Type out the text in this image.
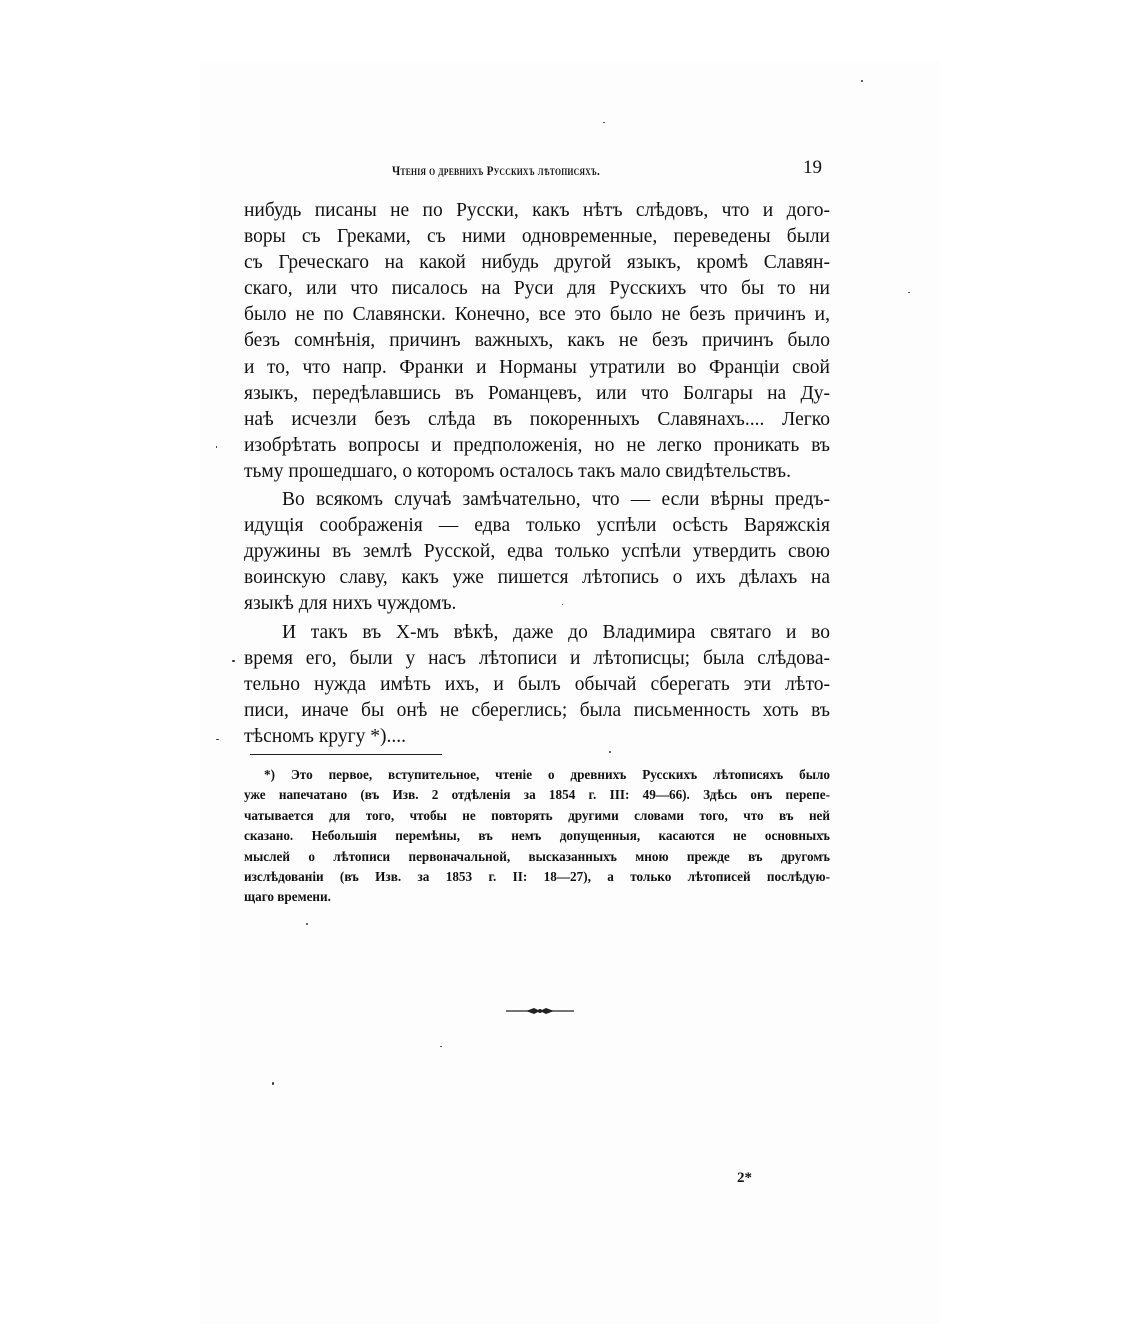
Чтенія о древнихъ Русскихъ лѣтописяхъ.	19

нибудь писаны не по Русски, какъ нѣтъ слѣдовъ, что и дого-
воры съ Греками, съ ними одновременные, переведены были
съ Греческаго на какой нибудь другой языкъ, кромѣ Славян-
скаго, или что писалось на Руси для Русскихъ что бы то ни
было не по Славянски. Конечно, все это было не безъ причинъ и,
безъ сомнѣнія, причинъ важныхъ, какъ не безъ причинъ было
и то, что напр. Франки и Норманы утратили во Франціи свой
языкъ, передѣлавшись въ Романцевъ, или что Болгары на Ду-
наѣ исчезли безъ слѣда въ покоренныхъ Славянахъ.... Легко
изобрѣтать вопросы и предположенія, но не легко проникать въ
тьму прошедшаго, о которомъ осталось такъ мало свидѣтельствъ.

Во всякомъ случаѣ замѣчательно, что — если вѣрны предъ-
идущія соображенія — едва только успѣли осѣсть Варяжскія
дружины въ землѣ Русской, едва только успѣли утвердить свою
воинскую славу, какъ уже пишется лѣтопись о ихъ дѣлахъ на
языкѣ для нихъ чуждомъ.

И такъ въ X-мъ вѣкѣ, даже до Владимира святаго и во
время его, были у насъ лѣтописи и лѣтописцы; была слѣдова-
тельно нужда имѣть ихъ, и былъ обычай сберегать эти лѣто-
писи, иначе бы онѣ не сбереглись; была письменность хоть въ
тѣсномъ кругу *)....

*) Это первое, вступительное, чтеніе о древнихъ Русскихъ лѣтописяхъ было
уже напечатано (въ Изв. 2 отдѣленія за 1854 г. III: 49—66). Здѣсь онъ перепе-
чатывается для того, чтобы не повторять другими словами того, что въ ней
сказано. Небольшія перемѣны, въ немъ допущенныя, касаются не основныхъ
мыслей о лѣтописи первоначальной, высказанныхъ мною прежде въ другомъ
изслѣдованіи (въ Изв. за 1853 г. II: 18—27), а только лѣтописей послѣдую-
щаго времени.
2*
